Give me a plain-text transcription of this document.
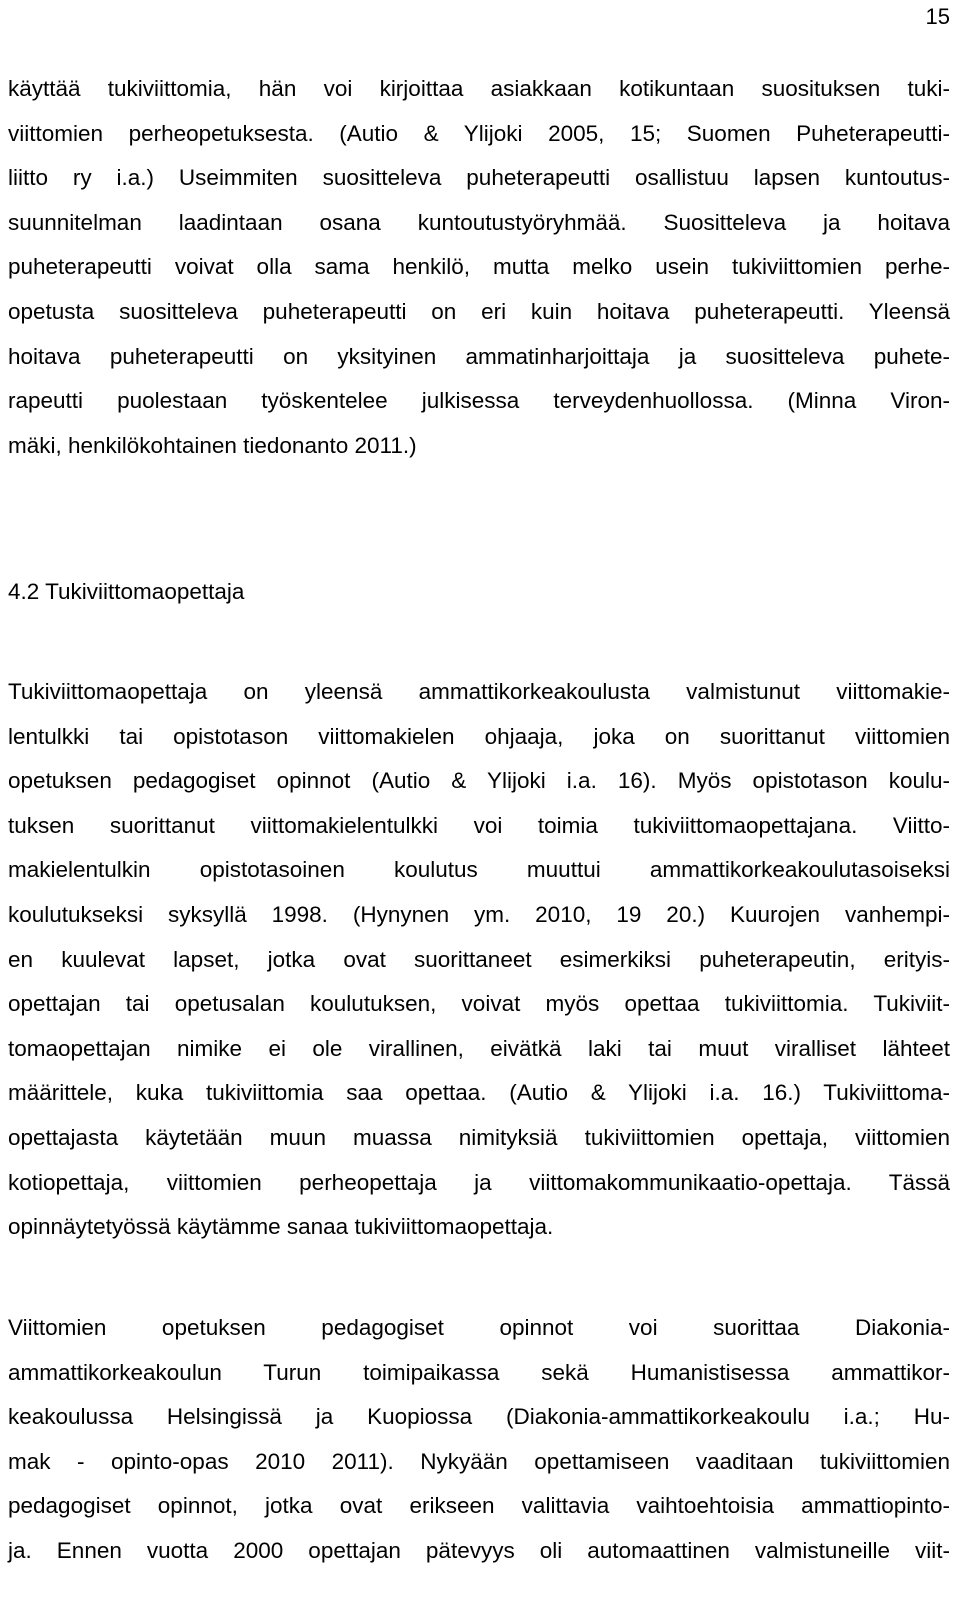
15
käyttää tukiviittomia, hän voi kirjoittaa asiakkaan kotikuntaan suosituksen tuki-
viittomien perheopetuksesta. (Autio & Ylijoki 2005, 15; Suomen Puheterapeutti-
liitto ry i.a.) Useimmiten suositteleva puheterapeutti osallistuu lapsen kuntoutus-
suunnitelman laadintaan osana kuntoutustyöryhmää. Suositteleva ja hoitava
puheterapeutti voivat olla sama henkilö, mutta melko usein tukiviittomien perhe-
opetusta suositteleva puheterapeutti on eri kuin hoitava puheterapeutti. Yleensä
hoitava puheterapeutti on yksityinen ammatinharjoittaja ja suositteleva puhete-
rapeutti puolestaan työskentelee julkisessa terveydenhuollossa. (Minna Viron-
mäki, henkilökohtainen tiedonanto 2011.)
4.2 Tukiviittomaopettaja
Tukiviittomaopettaja on yleensä ammattikorkeakoulusta valmistunut viittomakie-
lentulkki tai opistotason viittomakielen ohjaaja, joka on suorittanut viittomien
opetuksen pedagogiset opinnot (Autio & Ylijoki i.a. 16). Myös opistotason koulu-
tuksen suorittanut viittomakielentulkki voi toimia tukiviittomaopettajana. Viitto-
makielentulkin opistotasoinen koulutus muuttui ammattikorkeakoulutasoiseksi
koulutukseksi syksyllä 1998. (Hynynen ym. 2010, 19 20.) Kuurojen vanhempi-
en kuulevat lapset, jotka ovat suorittaneet esimerkiksi puheterapeutin, erityis-
opettajan tai opetusalan koulutuksen, voivat myös opettaa tukiviittomia. Tukiviit-
tomaopettajan nimike ei ole virallinen, eivätkä laki tai muut viralliset lähteet
määrittele, kuka tukiviittomia saa opettaa. (Autio & Ylijoki i.a. 16.) Tukiviittoma-
opettajasta käytetään muun muassa nimityksiä tukiviittomien opettaja, viittomien
kotiopettaja, viittomien perheopettaja ja viittomakommunikaatio-opettaja. Tässä
opinnäytetyössä käytämme sanaa tukiviittomaopettaja.
Viittomien opetuksen pedagogiset opinnot voi suorittaa Diakonia-
ammattikorkeakoulun Turun toimipaikassa sekä Humanistisessa ammattikor-
keakoulussa Helsingissä ja Kuopiossa (Diakonia-ammattikorkeakoulu i.a.; Hu-
mak - opinto-opas 2010 2011). Nykyään opettamiseen vaaditaan tukiviittomien
pedagogiset opinnot, jotka ovat erikseen valittavia vaihtoehtoisia ammattiopinto-
ja. Ennen vuotta 2000 opettajan pätevyys oli automaattinen valmistuneille viit-
